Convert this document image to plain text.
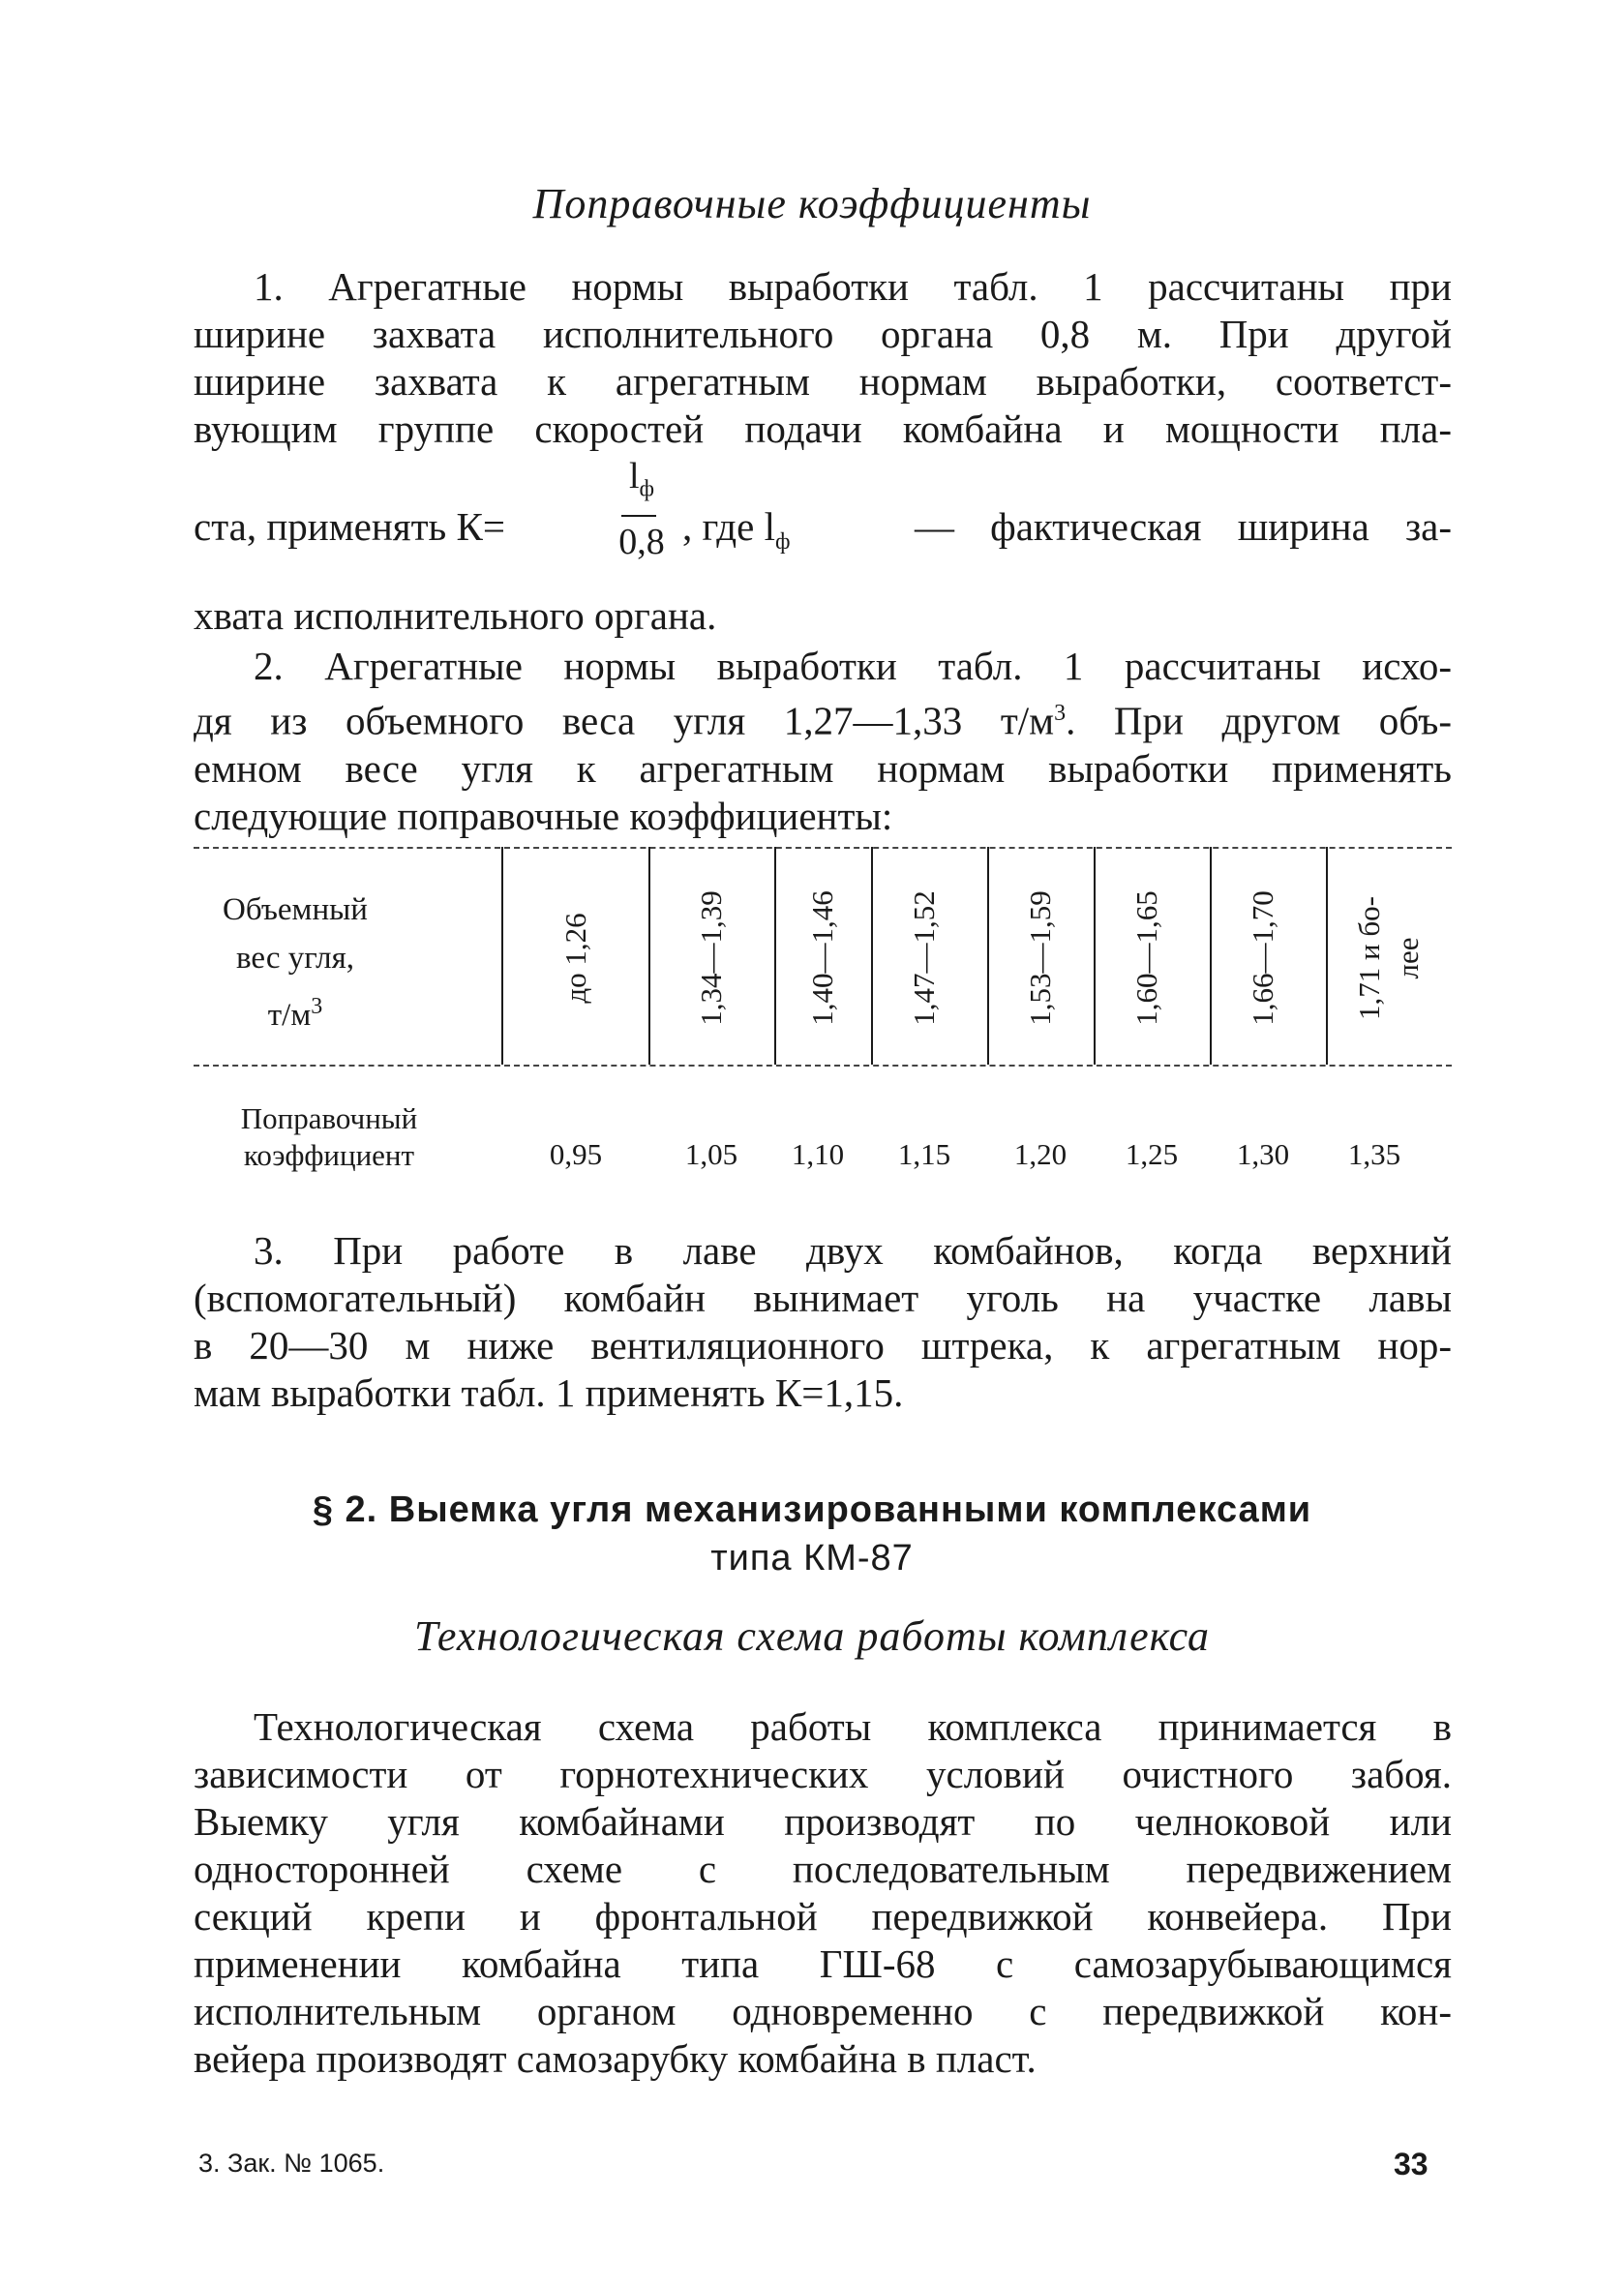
Поправочные коэффициенты
1. Агрегатные нормы выработки табл. 1 рассчитаны при
ширине захвата исполнительного органа 0,8 м. При другой
ширине захвата к агрегатным нормам выработки, соответст-
вующим группе скоростей подачи комбайна и мощности пла-
ста, применять К=
$l_ф$
0,8 , где $l_ф$	— фактическая ширина за-
хвата исполнительного органа.
2. Агрегатные нормы выработки табл. 1 рассчитаны исхо-
дя из объемного веса угля 1,27—1,33 $т/м^3$. При другом объ-
емном весе угля к агрегатным нормам выработки применять
следующие поправочные коэффициенты:
Объемный
вес угля,
$т/м^3$
до 1,26	1,34—1,39	1,40—1,46 1,47—1,52	1,53—1,59 1,60—1,65	1,66—1,70 1,71 и бо- лее
Поправочный
коэффициент	0,95	1,05	1,10	1,15	1,20	1,25	1,30	1,35
3. При работе в лаве двух комбайнов, когда верхний
(вспомогательный) комбайн вынимает уголь на участке лавы
в 20—30 м ниже вентиляционного штрека, к агрегатным нор-
мам выработки табл. 1 применять К=1,15.
§ 2. Выемка угля механизированными комплексами
типа КМ-87
Технологическая схема работы комплекса
Технологическая схема работы комплекса принимается в
зависимости от горнотехнических условий очистного забоя.
Выемку угля комбайнами производят по челноковой или
односторонней схеме с последовательным передвижением
секций крепи и фронтальной передвижкой конвейера. При
применении комбайна типа ГШ-68 с самозарубывающимся
исполнительным органом одновременно с передвижкой кон-
вейера производят самозарубку комбайна в пласт.
3. Зак. № 1065.	33
